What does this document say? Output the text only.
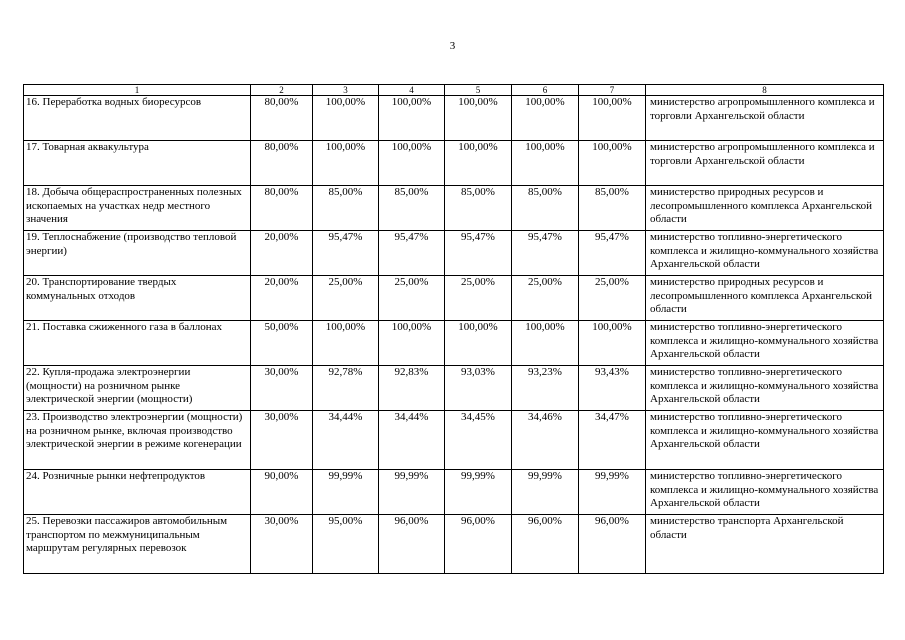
3
1	2	3	4	5	6	7	8
16. Переработка водных биоресурсов	80,00%	100,00%	100,00%	100,00%	100,00%	100,00%	министерство агропромышленного комплекса и торговли Архангельской области
17. Товарная аквакультура	80,00%	100,00%	100,00%	100,00%	100,00%	100,00%	министерство агропромышленного комплекса и торговли Архангельской области
18. Добыча общераспространенных полезных ископаемых на участках недр местного значения	80,00%	85,00%	85,00%	85,00%	85,00%	85,00%	министерство природных ресурсов и лесопромышленного комплекса Архангельской области
19. Теплоснабжение (производство тепловой энергии)	20,00%	95,47%	95,47%	95,47%	95,47%	95,47%	министерство топливно-энергетического комплекса и жилищно-коммунального хозяйства Архангельской области
20. Транспортирование твердых коммунальных отходов	20,00%	25,00%	25,00%	25,00%	25,00%	25,00%	министерство природных ресурсов и лесопромышленного комплекса Архангельской области
21. Поставка сжиженного газа в баллонах	50,00%	100,00%	100,00%	100,00%	100,00%	100,00%	министерство топливно-энергетического комплекса и жилищно-коммунального хозяйства Архангельской области
22. Купля-продажа электроэнергии (мощности) на розничном рынке электрической энергии (мощности)	30,00%	92,78%	92,83%	93,03%	93,23%	93,43%	министерство топливно-энергетического комплекса и жилищно-коммунального хозяйства Архангельской области
23. Производство электроэнергии (мощности) на розничном рынке, включая производство электрической энергии в режиме когенерации	30,00%	34,44%	34,44%	34,45%	34,46%	34,47%	министерство топливно-энергетического комплекса и жилищно-коммунального хозяйства Архангельской области
24. Розничные рынки нефтепродуктов	90,00%	99,99%	99,99%	99,99%	99,99%	99,99%	министерство топливно-энергетического комплекса и жилищно-коммунального хозяйства Архангельской области
25. Перевозки пассажиров автомобильным транспортом по межмуниципальным маршрутам регулярных перевозок	30,00%	95,00%	96,00%	96,00%	96,00%	96,00%	министерство транспорта Архангельской области
